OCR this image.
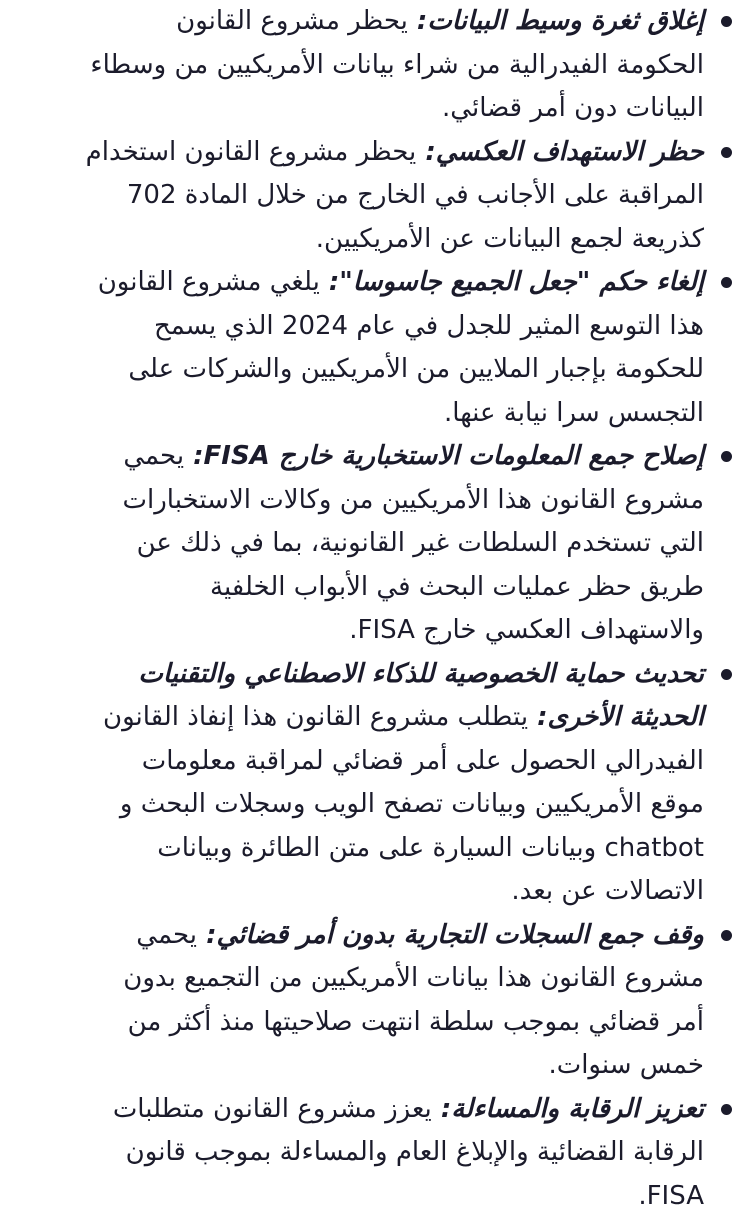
إغلاق ثغرة وسيط البيانات: يحظر مشروع القانون الحكومة الفيدرالية من شراء بيانات الأمريكيين من وسطاء البيانات دون أمر قضائي.
حظر الاستهداف العكسي: يحظر مشروع القانون استخدام المراقبة على الأجانب في الخارج من خلال المادة 702 كذريعة لجمع البيانات عن الأمريكيين.
إلغاء حكم "جعل الجميع جاسوسا": يلغي مشروع القانون هذا التوسع المثير للجدل في عام 2024 الذي يسمح للحكومة بإجبار الملايين من الأمريكيين والشركات على التجسس سرا نيابة عنها.
إصلاح جمع المعلومات الاستخبارية خارج FISA: يحمي مشروع القانون هذا الأمريكيين من وكالات الاستخبارات التي تستخدم السلطات غير القانونية، بما في ذلك عن طريق حظر عمليات البحث في الأبواب الخلفية والاستهداف العكسي خارج FISA.
تحديث حماية الخصوصية للذكاء الاصطناعي والتقنيات الحديثة الأخرى: يتطلب مشروع القانون هذا إنفاذ القانون الفيدرالي الحصول على أمر قضائي لمراقبة معلومات موقع الأمريكيين وبيانات تصفح الويب وسجلات البحث و chatbot وبيانات السيارة على متن الطائرة وبيانات الاتصالات عن بعد.
وقف جمع السجلات التجارية بدون أمر قضائي: يحمي مشروع القانون هذا بيانات الأمريكيين من التجميع بدون أمر قضائي بموجب سلطة انتهت صلاحيتها منذ أكثر من خمس سنوات.
تعزيز الرقابة والمساءلة: يعزز مشروع القانون متطلبات الرقابة القضائية والإبلاغ العام والمساءلة بموجب قانون FISA.
